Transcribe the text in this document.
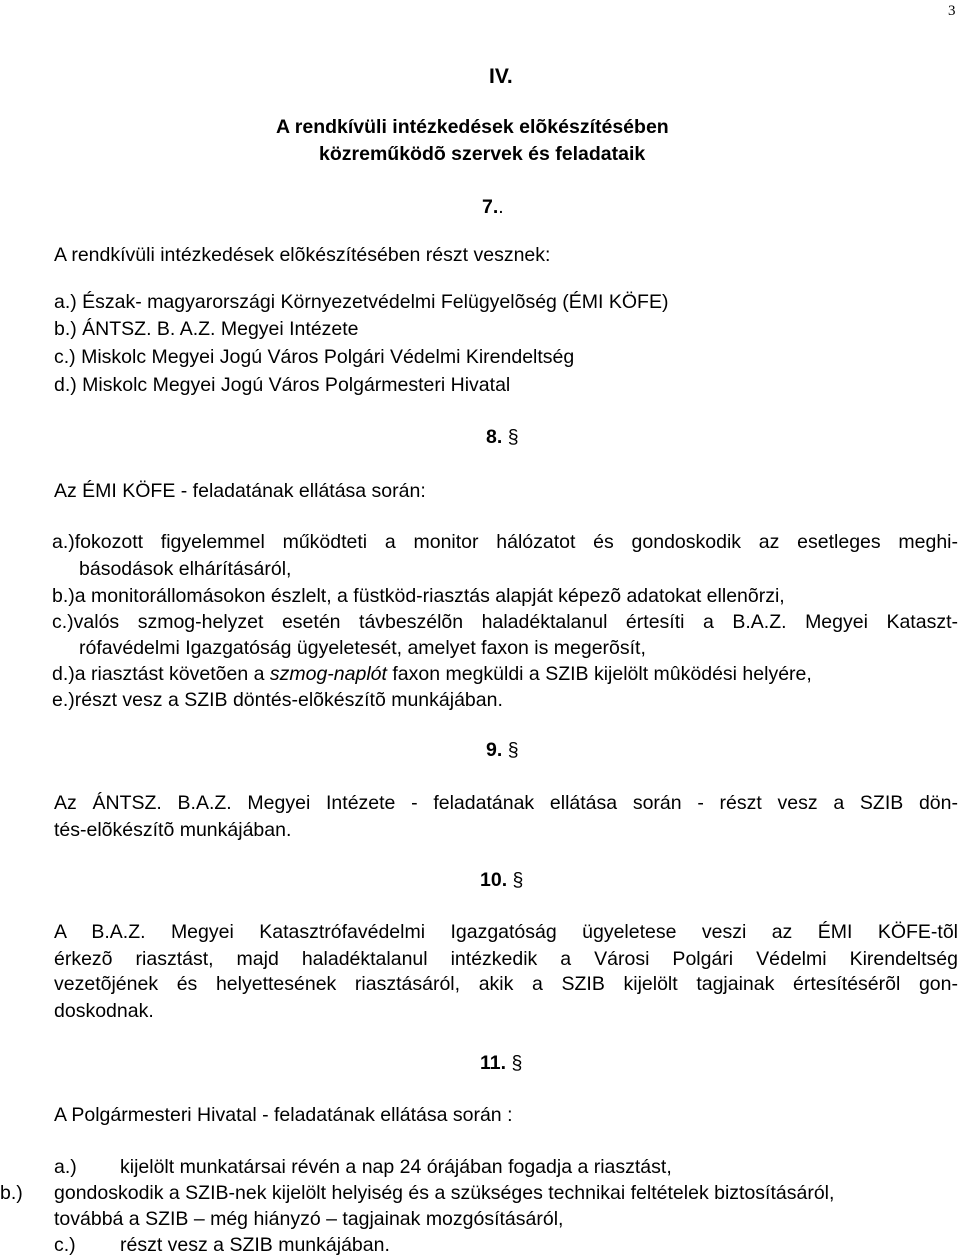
3
IV.
A rendkívüli intézkedések elõkészítésében
közreműködõ szervek és feladataik
7..
A rendkívüli intézkedések elõkészítésében részt vesznek:
a.) Észak- magyarországi Környezetvédelmi Felügyelõség (ÉMI KÖFE)
b.) ÁNTSZ. B. A.Z. Megyei Intézete
c.) Miskolc Megyei Jogú Város Polgári Védelmi Kirendeltség
d.) Miskolc Megyei Jogú Város Polgármesteri Hivatal
8. §
Az ÉMI KÖFE - feladatának ellátása során:
a.)fokozott figyelemmel működteti a monitor hálózatot és gondoskodik az esetleges meghi-
básodások elhárításáról,
b.)a monitorállomásokon észlelt, a füstköd-riasztás alapját képezõ adatokat ellenõrzi,
c.)valós szmog-helyzet esetén távbeszélõn haladéktalanul értesíti a B.A.Z. Megyei Kataszt-
rófavédelmi Igazgatóság ügyeletesét, amelyet faxon is megerõsít,
d.)a riasztást követõen a szmog-naplót faxon megküldi a SZIB kijelölt mûködési helyére,
e.)részt vesz a SZIB döntés-elõkészítõ munkájában.
9. §
Az ÁNTSZ. B.A.Z. Megyei Intézete - feladatának ellátása során - részt vesz a SZIB dön-
tés-elõkészítõ munkájában.
10. §
A B.A.Z. Megyei Katasztrófavédelmi Igazgatóság ügyeletese veszi az ÉMI KÖFE-tõl
érkezõ riasztást, majd haladéktalanul intézkedik a Városi Polgári Védelmi Kirendeltség
vezetõjének és helyettesének riasztásáról, akik a SZIB kijelölt tagjainak értesítésérõl gon-
doskodnak.
11. §
A Polgármesteri Hivatal - feladatának ellátása során :
a.) kijelölt munkatársai révén a nap 24 órájában fogadja a riasztást,
b.) gondoskodik a SZIB-nek kijelölt helyiség és a szükséges technikai feltételek biztosításáról,
továbbá a SZIB – még hiányzó – tagjainak mozgósításáról,
c.) részt vesz a SZIB munkájában.
